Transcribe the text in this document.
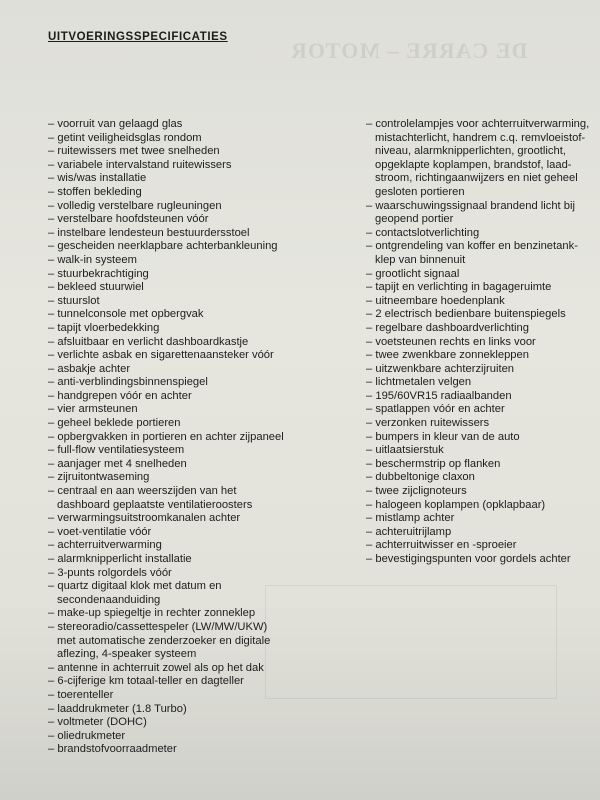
DE CARRE – MOTOR
UITVOERINGSSPECIFICATIES
– voorruit van gelaagd glas
– getint veiligheidsglas rondom
– ruitewissers met twee snelheden
– variabele intervalstand ruitewissers
– wis/was installatie
– stoffen bekleding
– volledig verstelbare rugleuningen
– verstelbare hoofdsteunen vóór
– instelbare lendesteun bestuurdersstoel
– gescheiden neerklapbare achterbankleuning
– walk-in systeem
– stuurbekrachtiging
– bekleed stuurwiel
– stuurslot
– tunnelconsole met opbergvak
– tapijt vloerbedekking
– afsluitbaar en verlicht dashboardkastje
– verlichte asbak en sigarettenaansteker vóór
– asbakje achter
– anti-verblindingsbinnenspiegel
– handgrepen vóór en achter
– vier armsteunen
– geheel beklede portieren
– opbergvakken in portieren en achter zijpaneel
– full-flow ventilatiesysteem
– aanjager met 4 snelheden
– zijruitontwaseming
– centraal en aan weerszijden van het
dashboard geplaatste ventilatieroosters
– verwarmingsuitstroomkanalen achter
– voet-ventilatie vóór
– achterruitverwarming
– alarmknipperlicht installatie
– 3-punts rolgordels vóór
– quartz digitaal klok met datum en
secondenaanduiding
– make-up spiegeltje in rechter zonneklep
– stereoradio/cassettespeler (LW/MW/UKW)
met automatische zenderzoeker en digitale
aflezing, 4-speaker systeem
– antenne in achterruit zowel als op het dak
– 6-cijferige km totaal-teller en dagteller
– toerenteller
– laaddrukmeter (1.8 Turbo)
– voltmeter (DOHC)
– oliedrukmeter
– brandstofvoorraadmeter
– controlelampjes voor achterruitverwarming,
mistachterlicht, handrem c.q. remvloeistof-
niveau, alarmknipperlichten, grootlicht,
opgeklapte koplampen, brandstof, laad-
stroom, richtingaanwijzers en niet geheel
gesloten portieren
– waarschuwingssignaal brandend licht bij
geopend portier
– contactslotverlichting
– ontgrendeling van koffer en benzinetank-
klep van binnenuit
– grootlicht signaal
– tapijt en verlichting in bagageruimte
– uitneembare hoedenplank
– 2 electrisch bedienbare buitenspiegels
– regelbare dashboardverlichting
– voetsteunen rechts en links voor
– twee zwenkbare zonnekleppen
– uitzwenkbare achterzijruiten
– lichtmetalen velgen
– 195/60VR15 radiaalbanden
– spatlappen vóór en achter
– verzonken ruitewissers
– bumpers in kleur van de auto
– uitlaatsierstuk
– beschermstrip op flanken
– dubbeltonige claxon
– twee zijclignoteurs
– halogeen koplampen (opklapbaar)
– mistlamp achter
– achteruitrijlamp
– achterruitwisser en -sproeier
– bevestigingspunten voor gordels achter
